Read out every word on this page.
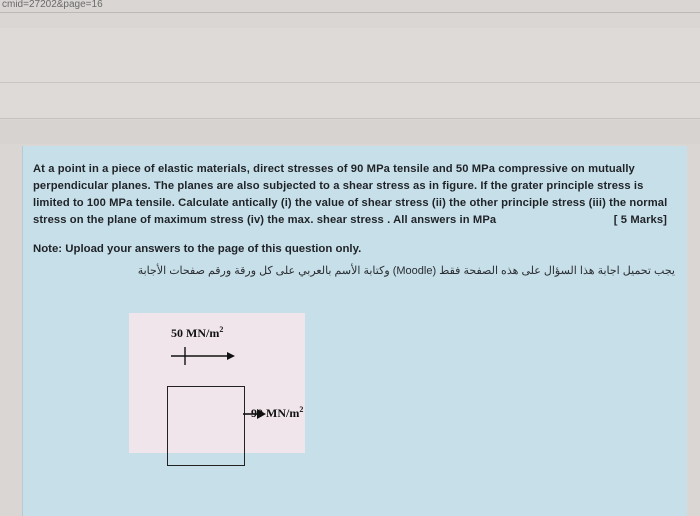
cmid=27202&page=16
At a point in a piece of elastic materials, direct stresses of 90 MPa tensile and 50 MPa compressive on mutually perpendicular planes. The planes are also subjected to a shear stress as in figure. If the grater principle stress is limited to 100 MPa tensile. Calculate antically (i) the value of shear stress (ii) the other principle stress (iii) the normal stress on the plane of maximum stress (iv) the max. shear stress . All answers in MPa	[ 5 Marks]
Note: Upload your answers to the page of this question only.
يجب تحميل اجابة هذا السؤال على هذه الصفحة فقط (Moodle) وكتابة الأسم بالعربي على كل ورقة ورقم صفحات الأجابة
50 $MN/m^2$
90 $MN/m^2$
